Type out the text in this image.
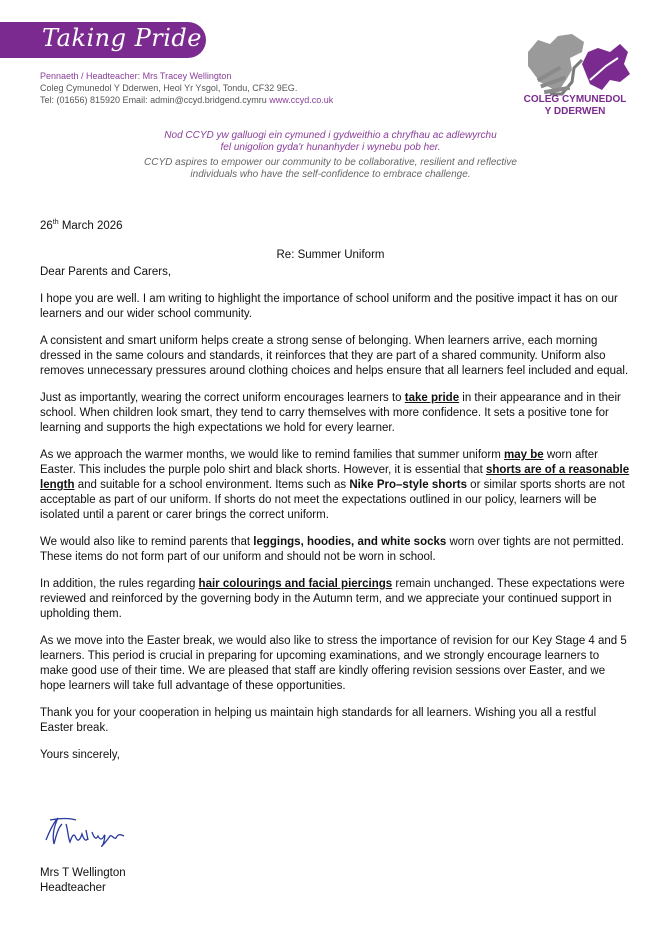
Taking Pride
Pennaeth / Headteacher: Mrs Tracey Wellington
Coleg Cymunedol Y Dderwen, Heol Yr Ysgol, Tondu, CF32 9EG.
Tel: (01656) 815920 Email: admin@ccyd.bridgend.cymru www.ccyd.co.uk	COLEG CYMUNEDOL
Y DDERWEN
Nod CCYD yw galluogi ein cymuned i gydweithio a chryfhau ac adlewyrchu
fel unigolion gyda'r hunanhyder i wynebu pob her.
CCYD aspires to empower our community to be collaborative, resilient and reflective
individuals who have the self-confidence to embrace challenge.
26th March 2026
Re: Summer Uniform

Dear Parents and Carers,

I hope you are well. I am writing to highlight the importance of school uniform and the positive impact it has on our learners and our wider school community.

A consistent and smart uniform helps create a strong sense of belonging. When learners arrive, each morning dressed in the same colours and standards, it reinforces that they are part of a shared community. Uniform also removes unnecessary pressures around clothing choices and helps ensure that all learners feel included and equal.

Just as importantly, wearing the correct uniform encourages learners to take pride in their appearance and in their school. When children look smart, they tend to carry themselves with more confidence. It sets a positive tone for learning and supports the high expectations we hold for every learner.

As we approach the warmer months, we would like to remind families that summer uniform may be worn after Easter. This includes the purple polo shirt and black shorts. However, it is essential that shorts are of a reasonable length and suitable for a school environment. Items such as Nike Pro–style shorts or similar sports shorts are not acceptable as part of our uniform. If shorts do not meet the expectations outlined in our policy, learners will be isolated until a parent or carer brings the correct uniform.

We would also like to remind parents that leggings, hoodies, and white socks worn over tights are not permitted. These items do not form part of our uniform and should not be worn in school.

In addition, the rules regarding hair colourings and facial piercings remain unchanged. These expectations were reviewed and reinforced by the governing body in the Autumn term, and we appreciate your continued support in upholding them.

As we move into the Easter break, we would also like to stress the importance of revision for our Key Stage 4 and 5 learners. This period is crucial in preparing for upcoming examinations, and we strongly encourage learners to make good use of their time. We are pleased that staff are kindly offering revision sessions over Easter, and we hope learners will take full advantage of these opportunities.

Thank you for your cooperation in helping us maintain high standards for all learners. Wishing you all a restful Easter break.

Yours sincerely,

Mrs T Wellington
Headteacher
